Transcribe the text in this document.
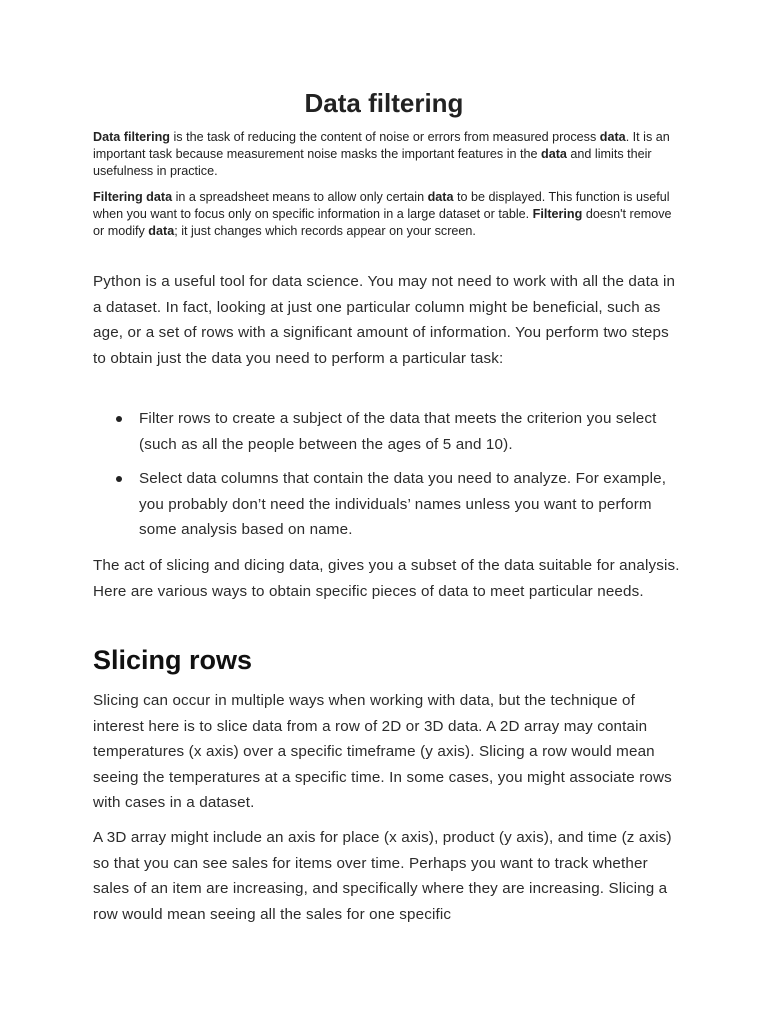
Data filtering

Data filtering is the task of reducing the content of noise or errors from measured process data. It is an important task because measurement noise masks the important features in the data and limits their usefulness in practice.

Filtering data in a spreadsheet means to allow only certain data to be displayed. This function is useful when you want to focus only on specific information in a large dataset or table. Filtering doesn't remove or modify data; it just changes which records appear on your screen.

Python is a useful tool for data science. You may not need to work with all the data in a dataset. In fact, looking at just one particular column might be beneficial, such as age, or a set of rows with a significant amount of information. You perform two steps to obtain just the data you need to perform a particular task:

Filter rows to create a subject of the data that meets the criterion you select (such as all the people between the ages of 5 and 10).
Select data columns that contain the data you need to analyze. For example, you probably don’t need the individuals’ names unless you want to perform some analysis based on name.

The act of slicing and dicing data, gives you a subset of the data suitable for analysis. Here are various ways to obtain specific pieces of data to meet particular needs.

Slicing rows

Slicing can occur in multiple ways when working with data, but the technique of interest here is to slice data from a row of 2D or 3D data. A 2D array may contain temperatures (x axis) over a specific timeframe (y axis). Slicing a row would mean seeing the temperatures at a specific time. In some cases, you might associate rows with cases in a dataset.

A 3D array might include an axis for place (x axis), product (y axis), and time (z axis) so that you can see sales for items over time. Perhaps you want to track whether sales of an item are increasing, and specifically where they are increasing. Slicing a row would mean seeing all the sales for one specific
